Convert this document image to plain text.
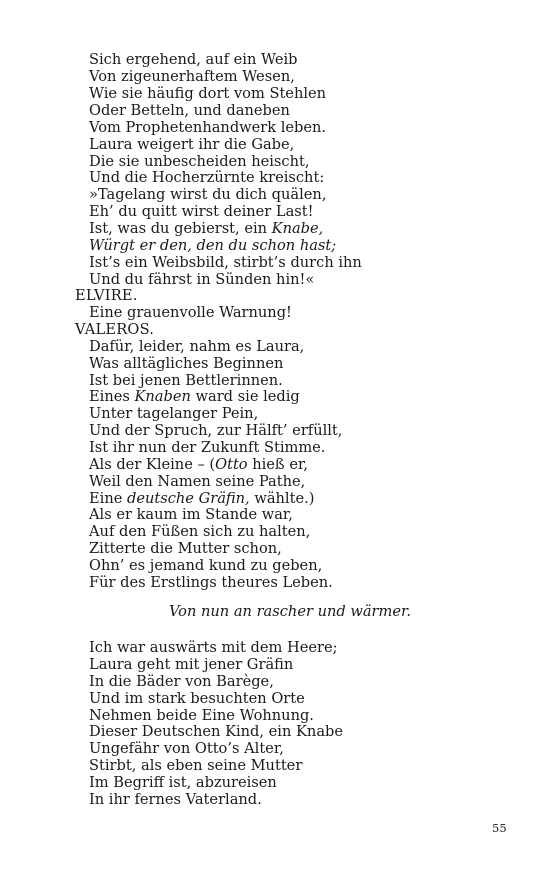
Sich ergehend, auf ein Weib
Von zigeunerhaftem Wesen,
Wie sie häufig dort vom Stehlen
Oder Betteln, und daneben
Vom Prophetenhandwerk leben.
Laura weigert ihr die Gabe,
Die sie unbescheiden heischt,
Und die Hocherzürnte kreischt:
»Tagelang wirst du dich quälen,
Eh’ du quitt wirst deiner Last!
Ist, was du gebierst, ein Knabe,
Würgt er den, den du schon hast;
Ist’s ein Weibsbild, stirbt’s durch ihn
Und du fährst in Sünden hin!«
ELVIRE.
Eine grauenvolle Warnung!
VALEROS.
Dafür, leider, nahm es Laura,
Was alltägliches Beginnen
Ist bei jenen Bettlerinnen.
Eines Knaben ward sie ledig
Unter tagelanger Pein,
Und der Spruch, zur Hälft’ erfüllt,
Ist ihr nun der Zukunft Stimme.
Als der Kleine – (Otto hieß er,
Weil den Namen seine Pathe,
Eine deutsche Gräfin, wählte.)
Als er kaum im Stande war,
Auf den Füßen sich zu halten,
Zitterte die Mutter schon,
Ohn’ es jemand kund zu geben,
Für des Erstlings theures Leben.
Von nun an rascher und wärmer.
Ich war auswärts mit dem Heere;
Laura geht mit jener Gräfin
In die Bäder von Barège,
Und im stark besuchten Orte
Nehmen beide Eine Wohnung.
Dieser Deutschen Kind, ein Knabe
Ungefähr von Otto’s Alter,
Stirbt, als eben seine Mutter
Im Begriff ist, abzureisen
In ihr fernes Vaterland.
55
